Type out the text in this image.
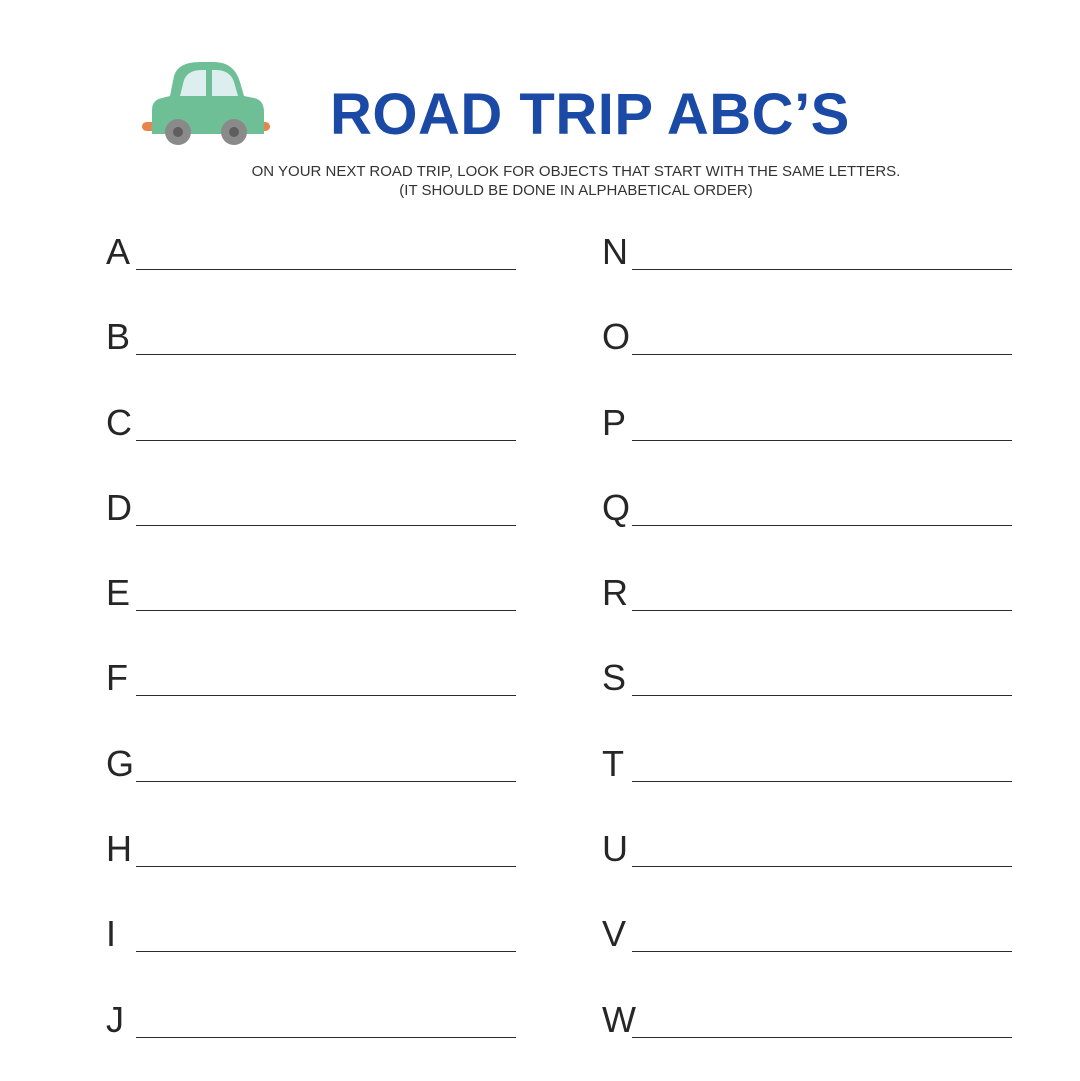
ROAD TRIP ABC’S
ON YOUR NEXT ROAD TRIP, LOOK FOR OBJECTS THAT START WITH THE SAME LETTERS.
(IT SHOULD BE DONE IN ALPHABETICAL ORDER)
A
B
C
D
E
F
G
H
I
J
N
O
P
Q
R
S
T
U
V
W
